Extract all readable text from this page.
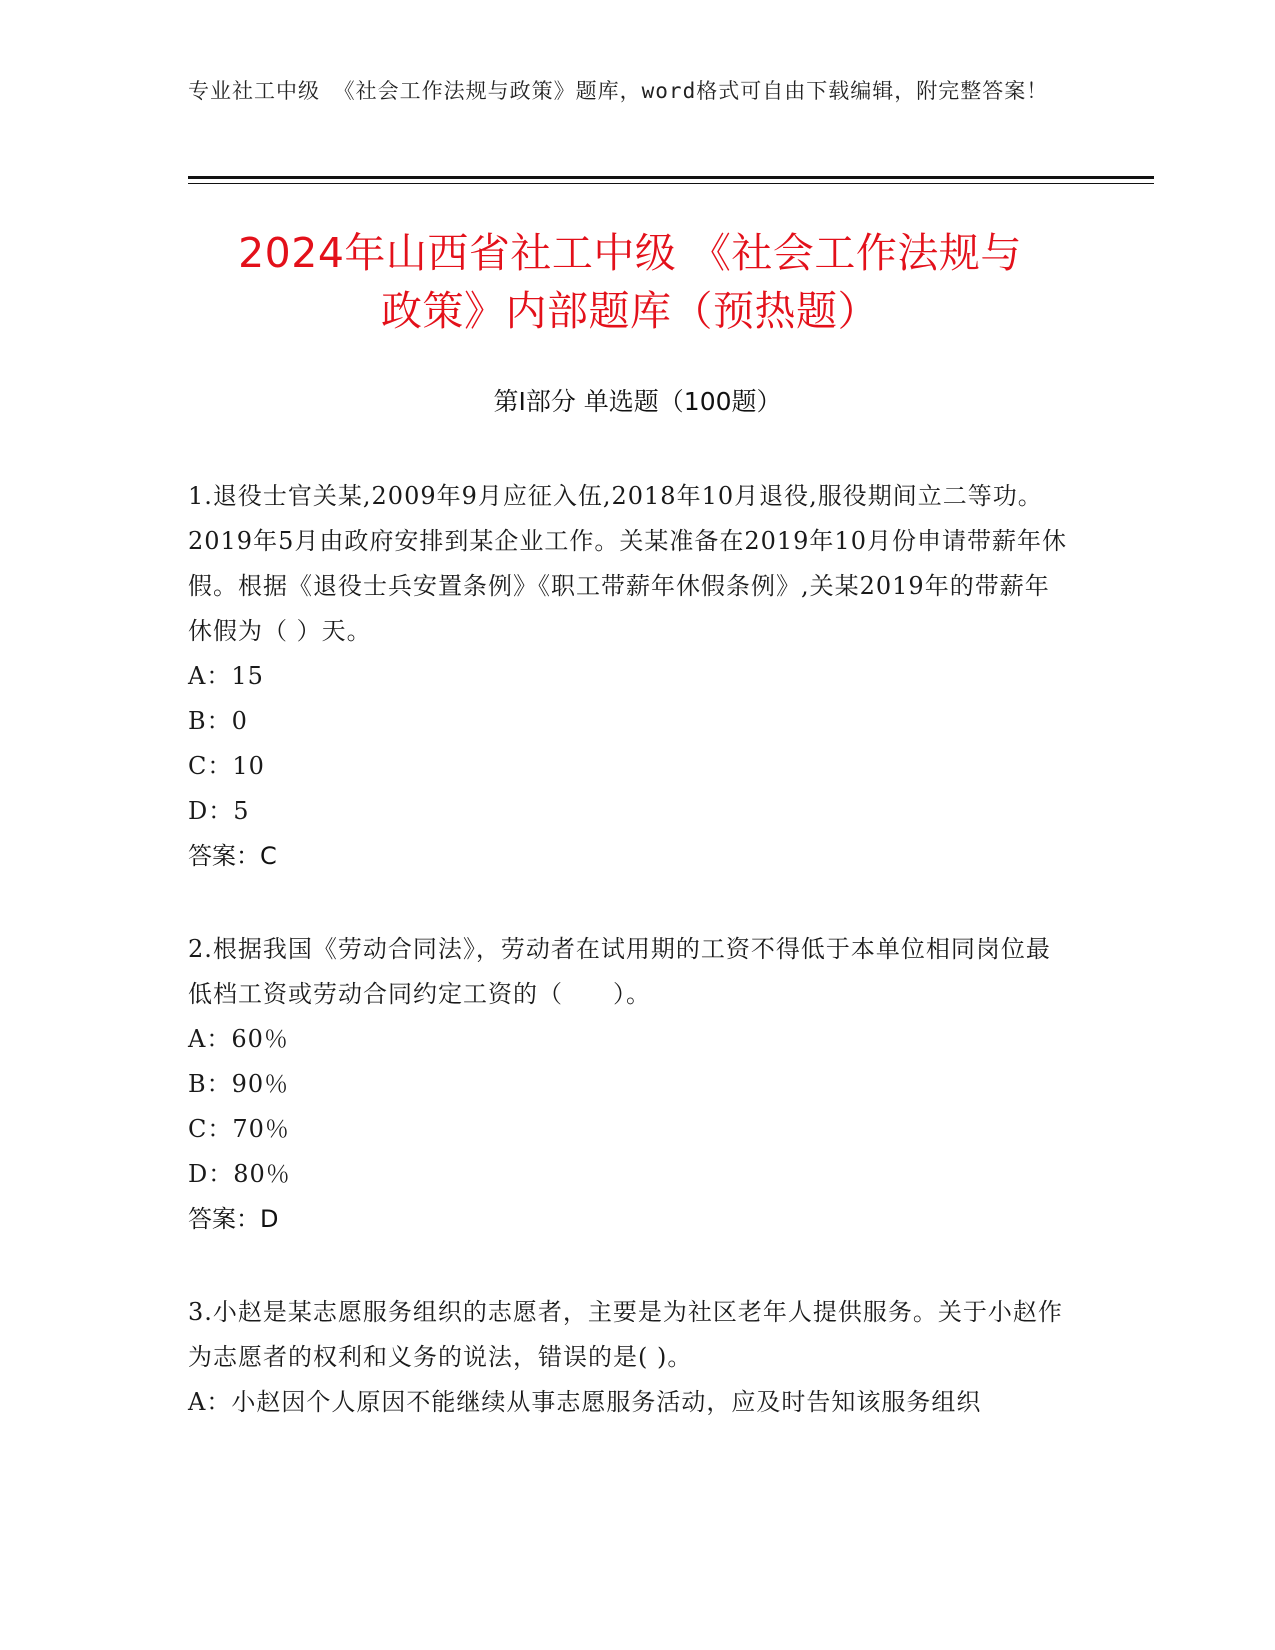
专业社工中级 《社会工作法规与政策》题库，word格式可自由下载编辑，附完整答案！
2024年山西省社工中级 《社会工作法规与
政策》内部题库（预热题）
第Ⅰ部分 单选题（100题）
1.退役士官关某,2009年9月应征入伍,2018年10月退役,服役期间立二等功。2019年5月由政府安排到某企业工作。关某准备在2019年10月份申请带薪年休假。根据《退役士兵安置条例》《职工带薪年休假条例》,关某2019年的带薪年休假为（ ）天。
A：15
B：0
C：10
D：5
答案：C
2.根据我国《劳动合同法》，劳动者在试用期的工资不得低于本单位相同岗位最低档工资或劳动合同约定工资的（　　）。
A：60％
B：90％
C：70％
D：80％
答案：D
3.小赵是某志愿服务组织的志愿者，主要是为社区老年人提供服务。关于小赵作为志愿者的权利和义务的说法，错误的是( )。
A：小赵因个人原因不能继续从事志愿服务活动，应及时告知该服务组织
